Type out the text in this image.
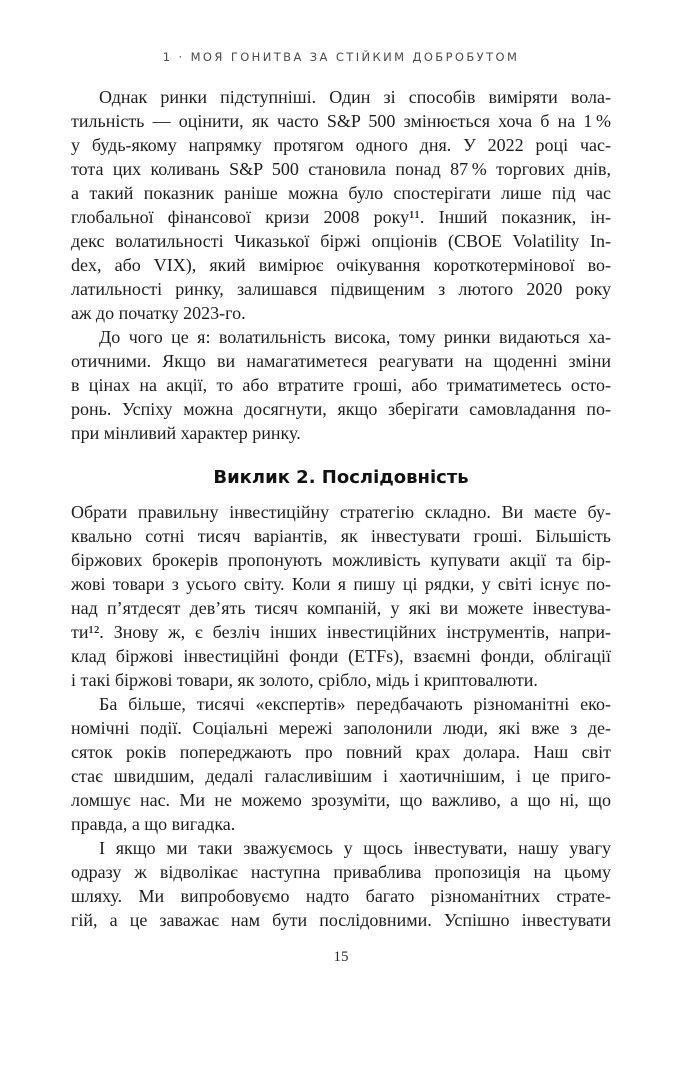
1 · МОЯ ГОНИТВА ЗА СТІЙКИМ ДОБРОБУТОМ
Однак ринки підступніші. Один зі способів виміряти вола-
тильність — оцінити, як часто S&P 500 змінюється хоча б на 1 %
у будь-якому напрямку протягом одного дня. У 2022 році час-
тота цих коливань S&P 500 становила понад 87 % торгових днів,
а такий показник раніше можна було спостерігати лише під час
глобальної фінансової кризи 2008 року¹¹. Інший показник, ін-
декс волатильності Чиказької біржі опціонів (CBOE Volatility In-
dex, або VIX), який вимірює очікування короткотермінової во-
латильності ринку, залишався підвищеним з лютого 2020 року
аж до початку 2023-го.
До чого це я: волатильність висока, тому ринки видаються ха-
отичними. Якщо ви намагатиметеся реагувати на щоденні зміни
в цінах на акції, то або втратите гроші, або триматиметесь осто-
ронь. Успіху можна досягнути, якщо зберігати самовладання по-
при мінливий характер ринку.
Виклик 2. Послідовність
Обрати правильну інвестиційну стратегію складно. Ви маєте бу-
квально сотні тисяч варіантів, як інвестувати гроші. Більшість
біржових брокерів пропонують можливість купувати акції та бір-
жові товари з усього світу. Коли я пишу ці рядки, у світі існує по-
над п’ятдесят дев’ять тисяч компаній, у які ви можете інвестува-
ти¹². Знову ж, є безліч інших інвестиційних інструментів, напри-
клад біржові інвестиційні фонди (ETFs), взаємні фонди, облігації
і такі біржові товари, як золото, срібло, мідь і криптовалюти.
Ба більше, тисячі «експертів» передбачають різноманітні еко-
номічні події. Соціальні мережі заполонили люди, які вже з де-
сяток років попереджають про повний крах долара. Наш світ
стає швидшим, дедалі галасливішим і хаотичнішим, і це приго-
ломшує нас. Ми не можемо зрозуміти, що важливо, а що ні, що
правда, а що вигадка.
І якщо ми таки зважуємось у щось інвестувати, нашу увагу
одразу ж відволікає наступна приваблива пропозиція на цьому
шляху. Ми випробовуємо надто багато різноманітних страте-
гій, а це заважає нам бути послідовними. Успішно інвестувати
15
